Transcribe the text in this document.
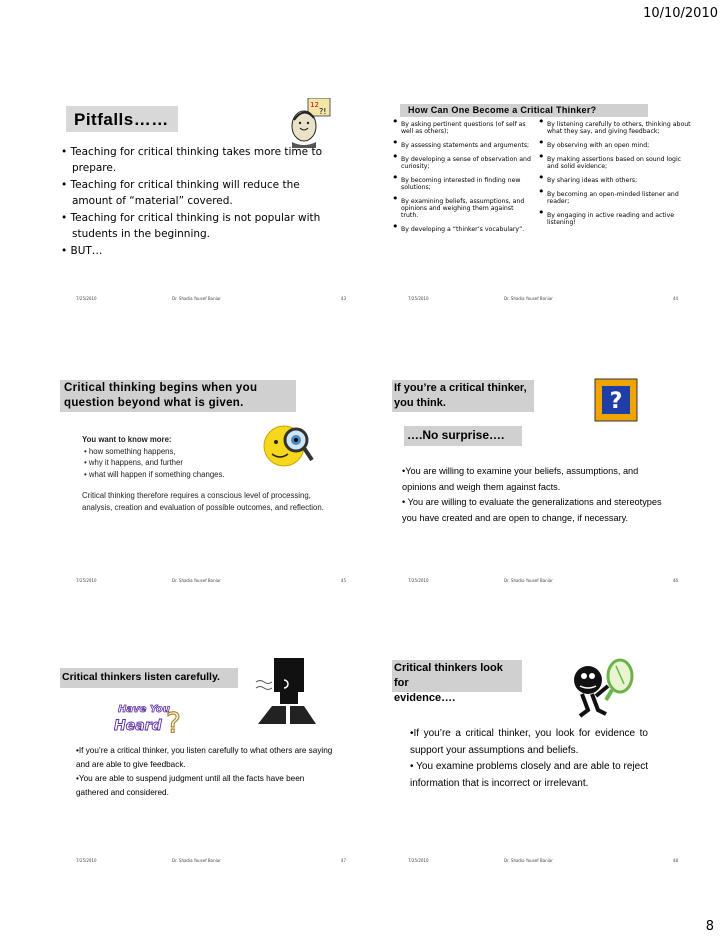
10/10/2010
Pitfalls……
12
?!
• Teaching for critical thinking takes more time to prepare.
• Teaching for critical thinking will reduce the amount of “material” covered.
• Teaching for critical thinking is not popular with students in the beginning.
• BUT…
7/25/2010	Dr. Shadia Yousef Banjar	43
How Can One Become a Critical Thinker?
• By asking pertinent questions (of self as well as others);
• By assessing statements and arguments;
• By developing a sense of observation and curiosity;
• By becoming interested in finding new solutions;
• By examining beliefs, assumptions, and opinions and weighing them against truth.
• By developing a “thinker’s vocabulary”.
• By listening carefully to others, thinking about what they say, and giving feedback;
• By observing with an open mind;
• By making assertions based on sound logic and solid evidence;
• By sharing ideas with others;
• By becoming an open-minded listener and reader;
• By engaging in active reading and active listening!
7/25/2010	Dr. Shadia Yousef Banjar	44
Critical thinking begins when you
question beyond what is given.
You want to know more:
• how something happens,
• why it happens, and further
• what will happen if something changes.
Critical thinking therefore requires a conscious level of processing, analysis, creation and evaluation of possible outcomes, and reflection.
7/25/2010	Dr. Shadia Yousef Banjar	45
If you’re a critical thinker,
you think.	?
….No surprise….
•You are willing to examine your beliefs, assumptions, and opinions and weigh them against facts.
• You are willing to evaluate the generalizations and stereotypes you have created and are open to change, if necessary.
7/25/2010	Dr. Shadia Yousef Banjar	46
Critical thinkers listen carefully.
Have You
Heard ?
•If you’re a critical thinker, you listen carefully to what others are saying and are able to give feedback.
•You are able to suspend judgment until all the facts have been gathered and considered.
7/25/2010	Dr. Shadia Yousef Banjar	47
Critical thinkers look for
evidence….
•If you’re a critical thinker, you look for evidence to support your assumptions and beliefs.
• You examine problems closely and are able to reject information that is incorrect or irrelevant.
7/25/2010	Dr. Shadia Yousef Banjar	48
8
